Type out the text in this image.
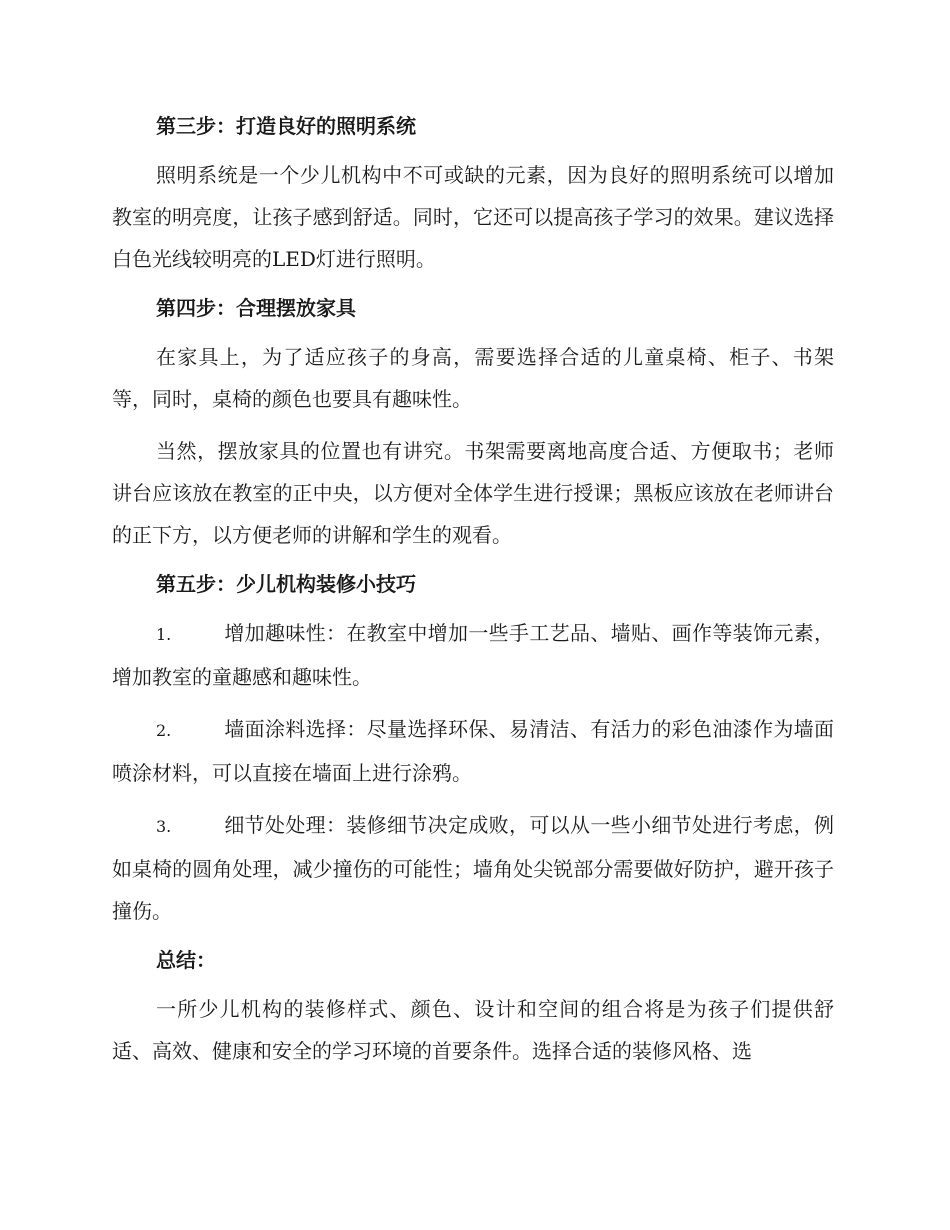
第三步：打造良好的照明系统

照明系统是一个少儿机构中不可或缺的元素，因为良好的照明系统可以增加教室的明亮度，让孩子感到舒适。同时，它还可以提高孩子学习的效果。建议选择白色光线较明亮的LED灯进行照明。

第四步：合理摆放家具

在家具上，为了适应孩子的身高，需要选择合适的儿童桌椅、柜子、书架等，同时，桌椅的颜色也要具有趣味性。

当然，摆放家具的位置也有讲究。书架需要离地高度合适、方便取书；老师讲台应该放在教室的正中央，以方便对全体学生进行授课；黑板应该放在老师讲台的正下方，以方便老师的讲解和学生的观看。

第五步：少儿机构装修小技巧

1.	增加趣味性：在教室中增加一些手工艺品、墙贴、画作等装饰元素，增加教室的童趣感和趣味性。

2.	墙面涂料选择：尽量选择环保、易清洁、有活力的彩色油漆作为墙面喷涂材料，可以直接在墙面上进行涂鸦。

3.	细节处处理：装修细节决定成败，可以从一些小细节处进行考虑，例如桌椅的圆角处理，减少撞伤的可能性；墙角处尖锐部分需要做好防护，避开孩子撞伤。

总结：

一所少儿机构的装修样式、颜色、设计和空间的组合将是为孩子们提供舒适、高效、健康和安全的学习环境的首要条件。选择合适的装修风格、选
